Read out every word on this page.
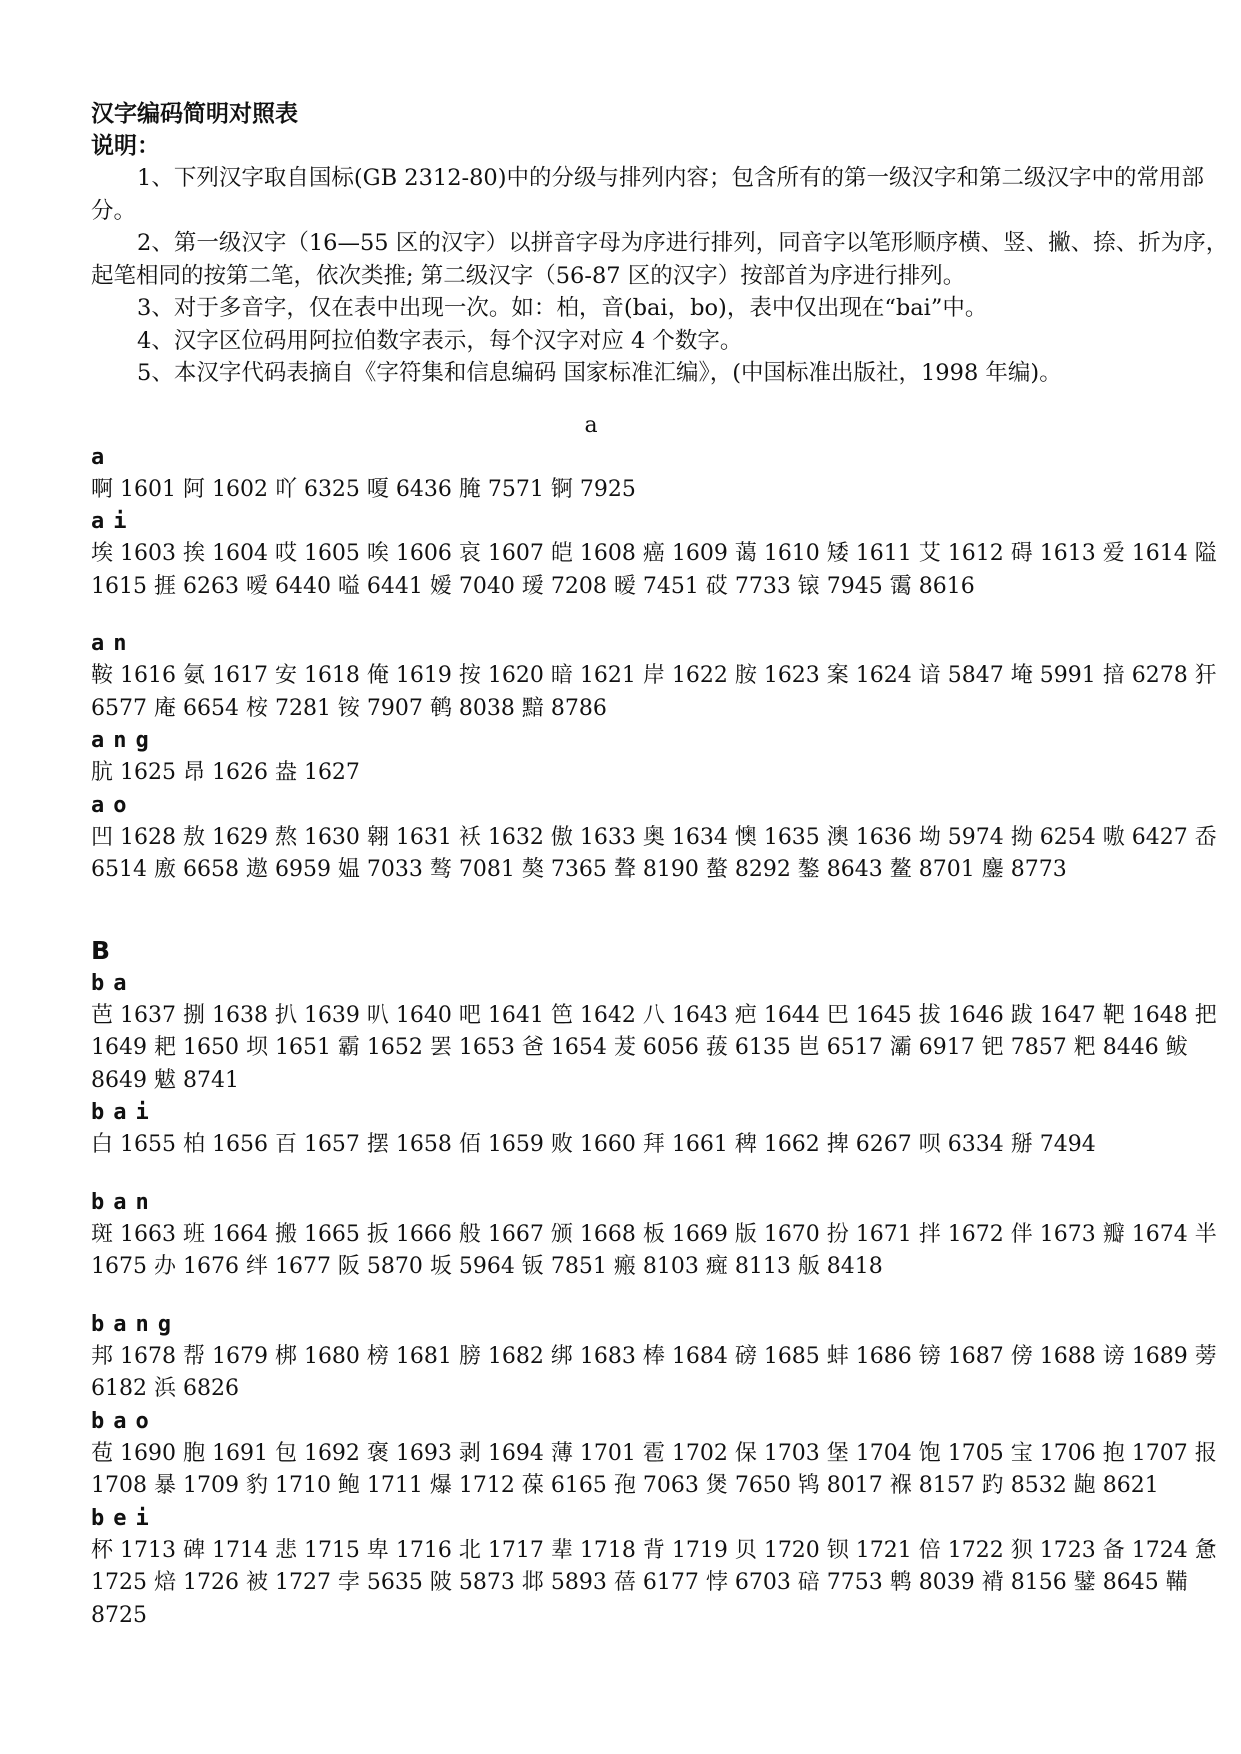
汉字编码简明对照表
说明：

1、下列汉字取自国标(GB 2312-80)中的分级与排列内容；包含所有的第一级汉字和第二级汉字中的常用部分。

2、第一级汉字（16—55 区的汉字）以拼音字母为序进行排列，同音字以笔形顺序横、竖、撇、捺、折为序，起笔相同的按第二笔，依次类推; 第二级汉字（56-87 区的汉字）按部首为序进行排列。

3、对于多音字，仅在表中出现一次。如：柏，音(bai，bo)，表中仅出现在“bai”中。

4、汉字区位码用阿拉伯数字表示，每个汉字对应 4 个数字。

5、本汉字代码表摘自《字符集和信息编码 国家标准汇编》，(中国标准出版社，1998 年编)。

a
a
啊 1601 阿 1602 吖 6325 嗄 6436 腌 7571 锕 7925
ai
埃 1603 挨 1604 哎 1605 唉 1606 哀 1607 皑 1608 癌 1609 蔼 1610 矮 1611 艾 1612 碍 1613 爱 1614 隘 1615 捱 6263 嗳 6440 嗌 6441 嫒 7040 瑷 7208 暧 7451 砹 7733 锿 7945 霭 8616
an
鞍 1616 氨 1617 安 1618 俺 1619 按 1620 暗 1621 岸 1622 胺 1623 案 1624 谙 5847 埯 5991 揞 6278 犴 6577 庵 6654 桉 7281 铵 7907 鹌 8038 黯 8786
ang
肮 1625 昂 1626 盎 1627
ao
凹 1628 敖 1629 熬 1630 翱 1631 袄 1632 傲 1633 奥 1634 懊 1635 澳 1636 坳 5974 拗 6254 嗷 6427 岙 6514 廒 6658 遨 6959 媪 7033 骜 7081 獒 7365 聱 8190 螯 8292 鏊 8643 鳌 8701 鏖 8773
B
ba
芭 1637 捌 1638 扒 1639 叭 1640 吧 1641 笆 1642 八 1643 疤 1644 巴 1645 拔 1646 跋 1647 靶 1648 把 1649 耙 1650 坝 1651 霸 1652 罢 1653 爸 1654 茇 6056 菝 6135 岜 6517 灞 6917 钯 7857 粑 8446 鲅 8649 魃 8741
bai
白 1655 柏 1656 百 1657 摆 1658 佰 1659 败 1660 拜 1661 稗 1662 捭 6267 呗 6334 掰 7494
ban
斑 1663 班 1664 搬 1665 扳 1666 般 1667 颁 1668 板 1669 版 1670 扮 1671 拌 1672 伴 1673 瓣 1674 半 1675 办 1676 绊 1677 阪 5870 坂 5964 钣 7851 瘢 8103 癍 8113 舨 8418
bang
邦 1678 帮 1679 梆 1680 榜 1681 膀 1682 绑 1683 棒 1684 磅 1685 蚌 1686 镑 1687 傍 1688 谤 1689 蒡 6182 浜 6826
bao
苞 1690 胞 1691 包 1692 褒 1693 剥 1694 薄 1701 雹 1702 保 1703 堡 1704 饱 1705 宝 1706 抱 1707 报 1708 暴 1709 豹 1710 鲍 1711 爆 1712 葆 6165 孢 7063 煲 7650 鸨 8017 褓 8157 趵 8532 龅 8621
bei
杯 1713 碑 1714 悲 1715 卑 1716 北 1717 辈 1718 背 1719 贝 1720 钡 1721 倍 1722 狈 1723 备 1724 惫 1725 焙 1726 被 1727 孛 5635 陂 5873 邶 5893 蓓 6177 悖 6703 碚 7753 鹎 8039 褙 8156 鐾 8645 鞴 8725
